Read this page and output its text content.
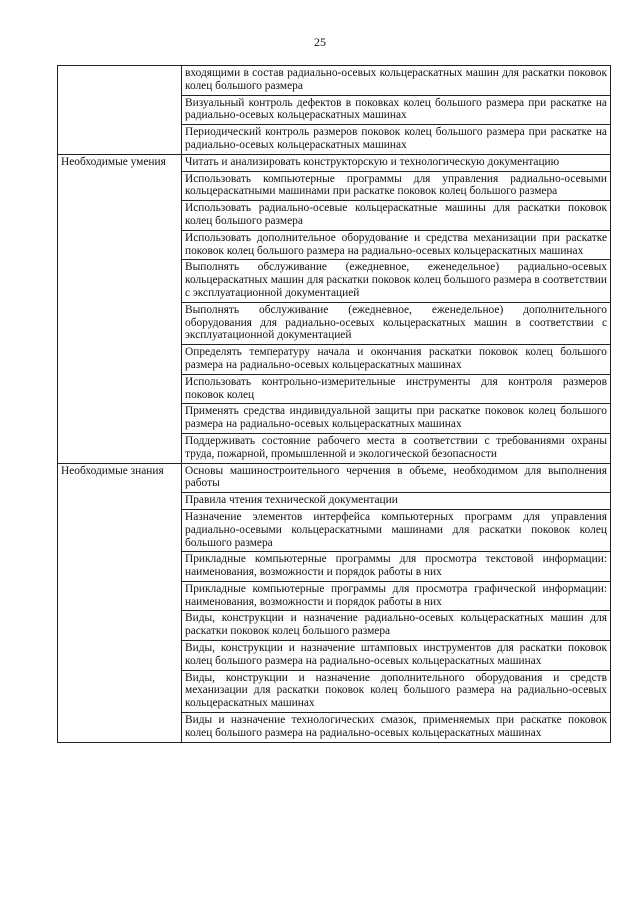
25
	входящими в состав радиально-осевых кольцераскатных машин для раскатки поковок колец большого размера
	Визуальный контроль дефектов в поковках колец большого размера при раскатке на радиально-осевых кольцераскатных машинах
	Периодический контроль размеров поковок колец большого размера при раскатке на радиально-осевых кольцераскатных машинах
Необходимые умения	Читать и анализировать конструкторскую и технологическую документацию
	Использовать компьютерные программы для управления радиально-осевыми кольцераскатными машинами при раскатке поковок колец большого размера
	Использовать радиально-осевые кольцераскатные машины для раскатки поковок колец большого размера
	Использовать дополнительное оборудование и средства механизации при раскатке поковок колец большого размера на радиально-осевых кольцераскатных машинах
	Выполнять обслуживание (ежедневное, еженедельное) радиально-осевых кольцераскатных машин для раскатки поковок колец большого размера в соответствии с эксплуатационной документацией
	Выполнять обслуживание (ежедневное, еженедельное) дополнительного оборудования для радиально-осевых кольцераскатных машин в соответствии с эксплуатационной документацией
	Определять температуру начала и окончания раскатки поковок колец большого размера на радиально-осевых кольцераскатных машинах
	Использовать контрольно-измерительные инструменты для контроля размеров поковок колец
	Применять средства индивидуальной защиты при раскатке поковок колец большого размера на радиально-осевых кольцераскатных машинах
	Поддерживать состояние рабочего места в соответствии с требованиями охраны труда, пожарной, промышленной и экологической безопасности
Необходимые знания	Основы машиностроительного черчения в объеме, необходимом для выполнения работы
	Правила чтения технической документации
	Назначение элементов интерфейса компьютерных программ для управления радиально-осевыми кольцераскатными машинами для раскатки поковок колец большого размера
	Прикладные компьютерные программы для просмотра текстовой информации: наименования, возможности и порядок работы в них
	Прикладные компьютерные программы для просмотра графической информации: наименования, возможности и порядок работы в них
	Виды, конструкции и назначение радиально-осевых кольцераскатных машин для раскатки поковок колец большого размера
	Виды, конструкции и назначение штамповых инструментов для раскатки поковок колец большого размера на радиально-осевых кольцераскатных машинах
	Виды, конструкции и назначение дополнительного оборудования и средств механизации для раскатки поковок колец большого размера на радиально-осевых кольцераскатных машинах
	Виды и назначение технологических смазок, применяемых при раскатке поковок колец большого размера на радиально-осевых кольцераскатных машинах
